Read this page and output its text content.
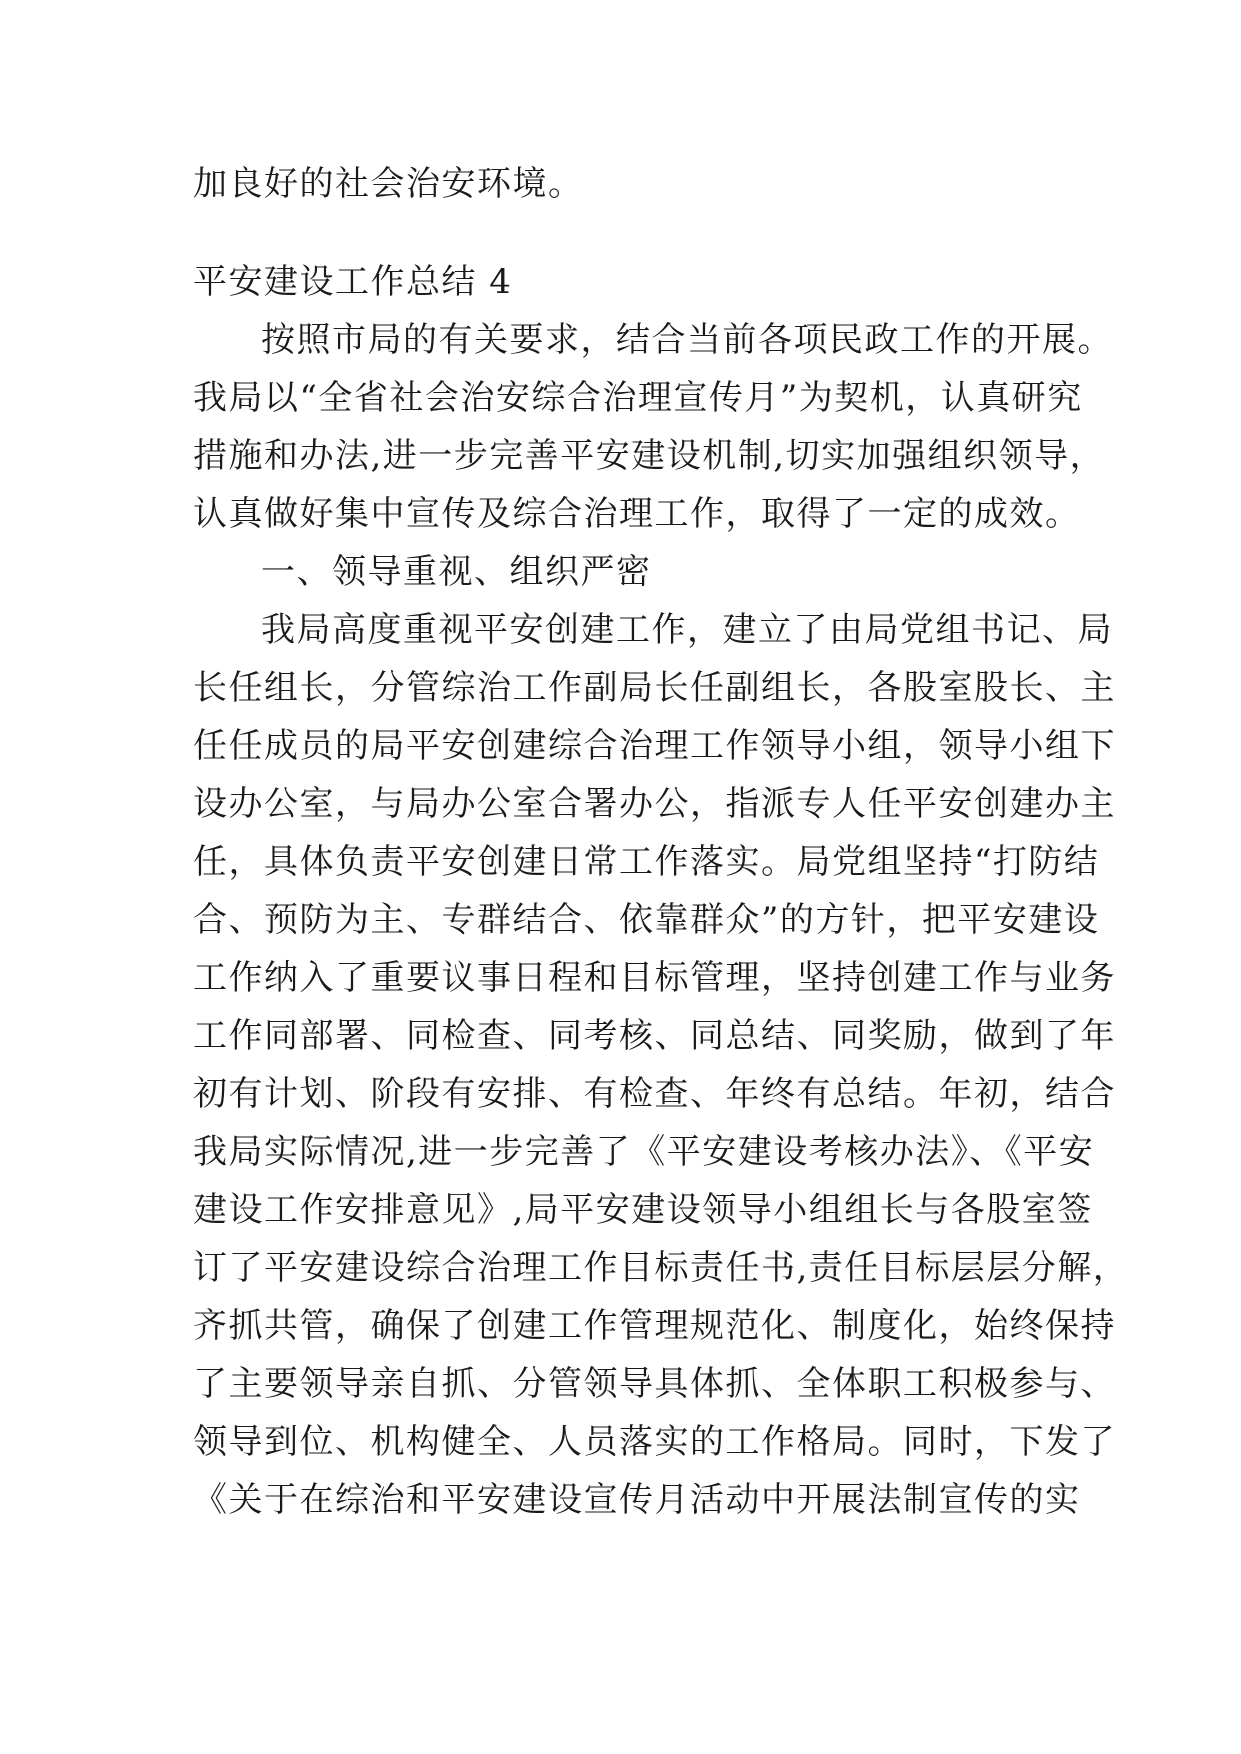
加良好的社会治安环境。
平安建设工作总结 4
按照市局的有关要求，结合当前各项民政工作的开展。
我局以“全省社会治安综合治理宣传月”为契机，认真研究
措施和办法,进一步完善平安建设机制,切实加强组织领导，
认真做好集中宣传及综合治理工作，取得了一定的成效。
一、领导重视、组织严密
我局高度重视平安创建工作，建立了由局党组书记、局
长任组长，分管综治工作副局长任副组长，各股室股长、主
任任成员的局平安创建综合治理工作领导小组，领导小组下
设办公室，与局办公室合署办公，指派专人任平安创建办主
任，具体负责平安创建日常工作落实。局党组坚持“打防结
合、预防为主、专群结合、依靠群众”的方针，把平安建设
工作纳入了重要议事日程和目标管理，坚持创建工作与业务
工作同部署、同检查、同考核、同总结、同奖励，做到了年
初有计划、阶段有安排、有检查、年终有总结。年初，结合
我局实际情况,进一步完善了《平安建设考核办法》、《平安
建设工作安排意见》,局平安建设领导小组组长与各股室签
订了平安建设综合治理工作目标责任书,责任目标层层分解，
齐抓共管，确保了创建工作管理规范化、制度化，始终保持
了主要领导亲自抓、分管领导具体抓、全体职工积极参与、
领导到位、机构健全、人员落实的工作格局。同时，下发了
《关于在综治和平安建设宣传月活动中开展法制宣传的实
